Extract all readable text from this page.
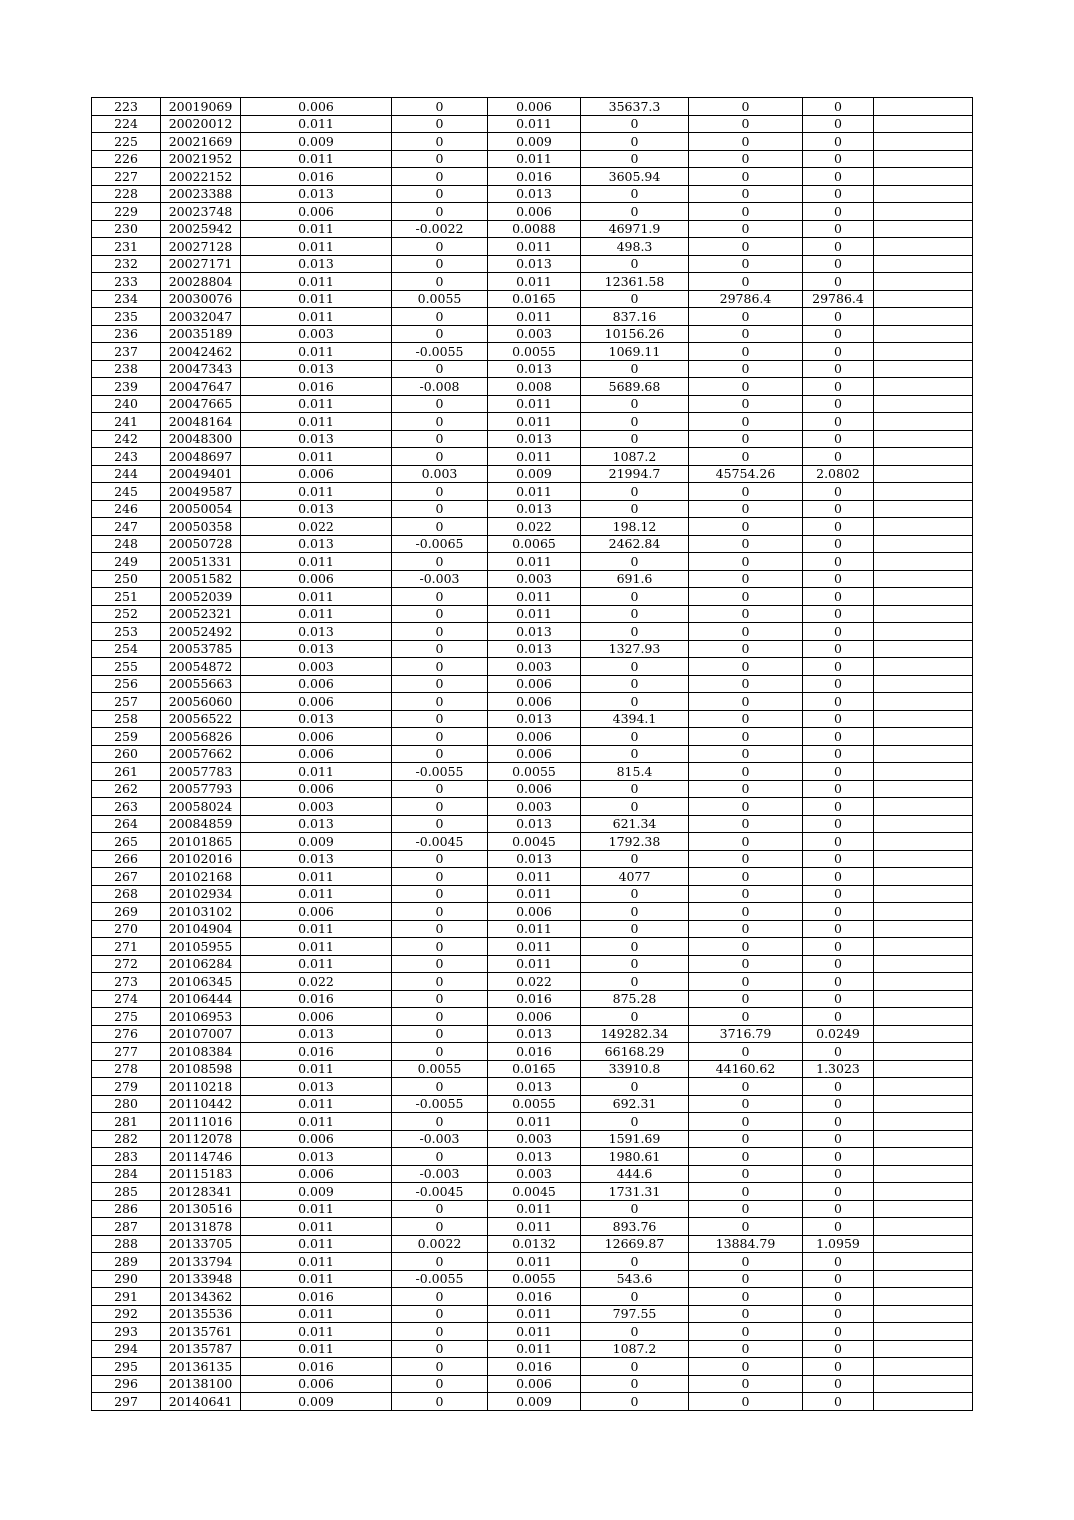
223	20019069	0.006	0	0.006	35637.3	0	0	
224	20020012	0.011	0	0.011	0	0	0	
225	20021669	0.009	0	0.009	0	0	0	
226	20021952	0.011	0	0.011	0	0	0	
227	20022152	0.016	0	0.016	3605.94	0	0	
228	20023388	0.013	0	0.013	0	0	0	
229	20023748	0.006	0	0.006	0	0	0	
230	20025942	0.011	-0.0022	0.0088	46971.9	0	0	
231	20027128	0.011	0	0.011	498.3	0	0	
232	20027171	0.013	0	0.013	0	0	0	
233	20028804	0.011	0	0.011	12361.58	0	0	
234	20030076	0.011	0.0055	0.0165	0	29786.4	29786.4	
235	20032047	0.011	0	0.011	837.16	0	0	
236	20035189	0.003	0	0.003	10156.26	0	0	
237	20042462	0.011	-0.0055	0.0055	1069.11	0	0	
238	20047343	0.013	0	0.013	0	0	0	
239	20047647	0.016	-0.008	0.008	5689.68	0	0	
240	20047665	0.011	0	0.011	0	0	0	
241	20048164	0.011	0	0.011	0	0	0	
242	20048300	0.013	0	0.013	0	0	0	
243	20048697	0.011	0	0.011	1087.2	0	0	
244	20049401	0.006	0.003	0.009	21994.7	45754.26	2.0802	
245	20049587	0.011	0	0.011	0	0	0	
246	20050054	0.013	0	0.013	0	0	0	
247	20050358	0.022	0	0.022	198.12	0	0	
248	20050728	0.013	-0.0065	0.0065	2462.84	0	0	
249	20051331	0.011	0	0.011	0	0	0	
250	20051582	0.006	-0.003	0.003	691.6	0	0	
251	20052039	0.011	0	0.011	0	0	0	
252	20052321	0.011	0	0.011	0	0	0	
253	20052492	0.013	0	0.013	0	0	0	
254	20053785	0.013	0	0.013	1327.93	0	0	
255	20054872	0.003	0	0.003	0	0	0	
256	20055663	0.006	0	0.006	0	0	0	
257	20056060	0.006	0	0.006	0	0	0	
258	20056522	0.013	0	0.013	4394.1	0	0	
259	20056826	0.006	0	0.006	0	0	0	
260	20057662	0.006	0	0.006	0	0	0	
261	20057783	0.011	-0.0055	0.0055	815.4	0	0	
262	20057793	0.006	0	0.006	0	0	0	
263	20058024	0.003	0	0.003	0	0	0	
264	20084859	0.013	0	0.013	621.34	0	0	
265	20101865	0.009	-0.0045	0.0045	1792.38	0	0	
266	20102016	0.013	0	0.013	0	0	0	
267	20102168	0.011	0	0.011	4077	0	0	
268	20102934	0.011	0	0.011	0	0	0	
269	20103102	0.006	0	0.006	0	0	0	
270	20104904	0.011	0	0.011	0	0	0	
271	20105955	0.011	0	0.011	0	0	0	
272	20106284	0.011	0	0.011	0	0	0	
273	20106345	0.022	0	0.022	0	0	0	
274	20106444	0.016	0	0.016	875.28	0	0	
275	20106953	0.006	0	0.006	0	0	0	
276	20107007	0.013	0	0.013	149282.34	3716.79	0.0249	
277	20108384	0.016	0	0.016	66168.29	0	0	
278	20108598	0.011	0.0055	0.0165	33910.8	44160.62	1.3023	
279	20110218	0.013	0	0.013	0	0	0	
280	20110442	0.011	-0.0055	0.0055	692.31	0	0	
281	20111016	0.011	0	0.011	0	0	0	
282	20112078	0.006	-0.003	0.003	1591.69	0	0	
283	20114746	0.013	0	0.013	1980.61	0	0	
284	20115183	0.006	-0.003	0.003	444.6	0	0	
285	20128341	0.009	-0.0045	0.0045	1731.31	0	0	
286	20130516	0.011	0	0.011	0	0	0	
287	20131878	0.011	0	0.011	893.76	0	0	
288	20133705	0.011	0.0022	0.0132	12669.87	13884.79	1.0959	
289	20133794	0.011	0	0.011	0	0	0	
290	20133948	0.011	-0.0055	0.0055	543.6	0	0	
291	20134362	0.016	0	0.016	0	0	0	
292	20135536	0.011	0	0.011	797.55	0	0	
293	20135761	0.011	0	0.011	0	0	0	
294	20135787	0.011	0	0.011	1087.2	0	0	
295	20136135	0.016	0	0.016	0	0	0	
296	20138100	0.006	0	0.006	0	0	0	
297	20140641	0.009	0	0.009	0	0	0	
